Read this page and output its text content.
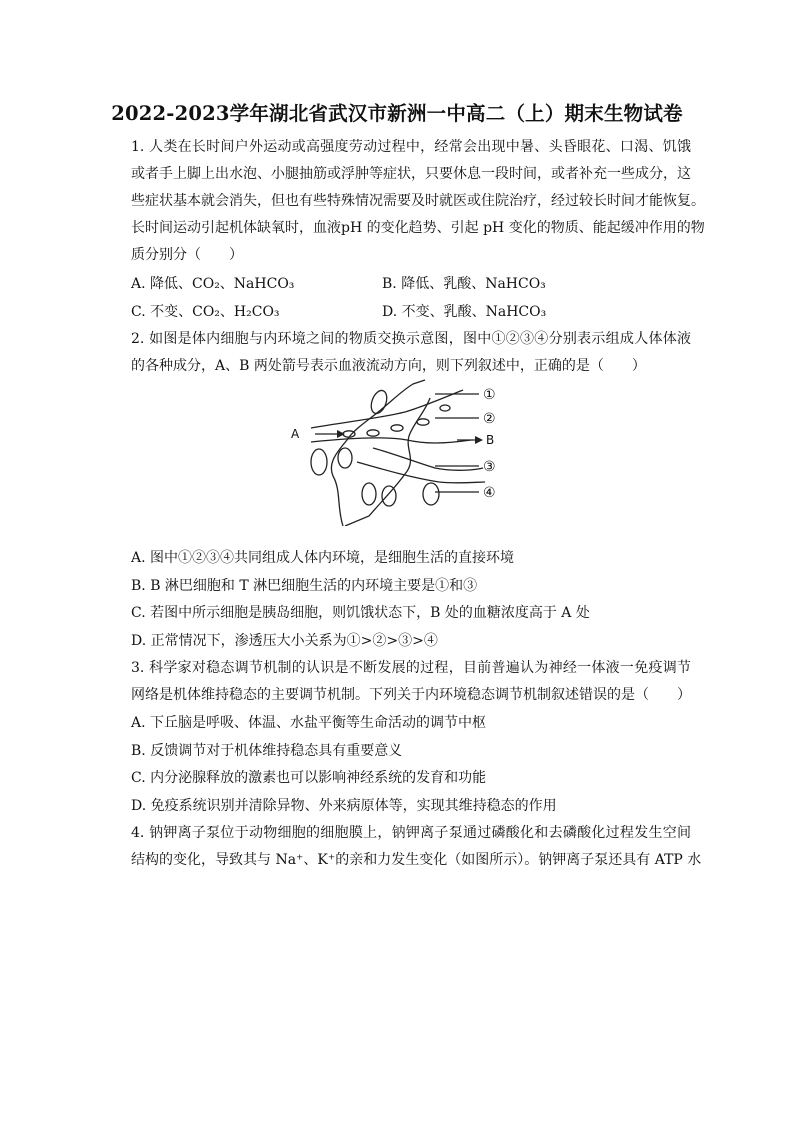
2022-2023学年湖北省武汉市新洲一中高二（上）期末生物试卷
1. 人类在长时间户外运动或高强度劳动过程中，经常会出现中暑、头昏眼花、口渴、饥饿
或者手上脚上出水泡、小腿抽筋或浮肿等症状，只要休息一段时间，或者补充一些成分，这
些症状基本就会消失，但也有些特殊情况需要及时就医或住院治疗，经过较长时间才能恢复。
长时间运动引起机体缺氧时，血液pH 的变化趋势、引起 pH 变化的物质、能起缓冲作用的物
质分别分（　　）
A. 降低、CO₂、NaHCO₃	B. 降低、乳酸、NaHCO₃
C. 不变、CO₂、H₂CO₃	D. 不变、乳酸、NaHCO₃
2. 如图是体内细胞与内环境之间的物质交换示意图，图中①②③④分别表示组成人体体液
的各种成分，A、B 两处箭号表示血液流动方向，则下列叙述中，正确的是（　　）
A	B
①
②
③
④
A. 图中①②③④共同组成人体内环境，是细胞生活的直接环境
B. B 淋巴细胞和 T 淋巴细胞生活的内环境主要是①和③
C. 若图中所示细胞是胰岛细胞，则饥饿状态下，B 处的血糖浓度高于 A 处
D. 正常情况下，渗透压大小关系为①>②>③>④
3. 科学家对稳态调节机制的认识是不断发展的过程，目前普遍认为神经一体液一免疫调节
网络是机体维持稳态的主要调节机制。下列关于内环境稳态调节机制叙述错误的是（　　）
A. 下丘脑是呼吸、体温、水盐平衡等生命活动的调节中枢
B. 反馈调节对于机体维持稳态具有重要意义
C. 内分泌腺释放的激素也可以影响神经系统的发育和功能
D. 免疫系统识别并清除异物、外来病原体等，实现其维持稳态的作用
4. 钠钾离子泵位于动物细胞的细胞膜上，钠钾离子泵通过磷酸化和去磷酸化过程发生空间
结构的变化，导致其与 Na⁺、K⁺的亲和力发生变化（如图所示）。钠钾离子泵还具有 ATP 水
